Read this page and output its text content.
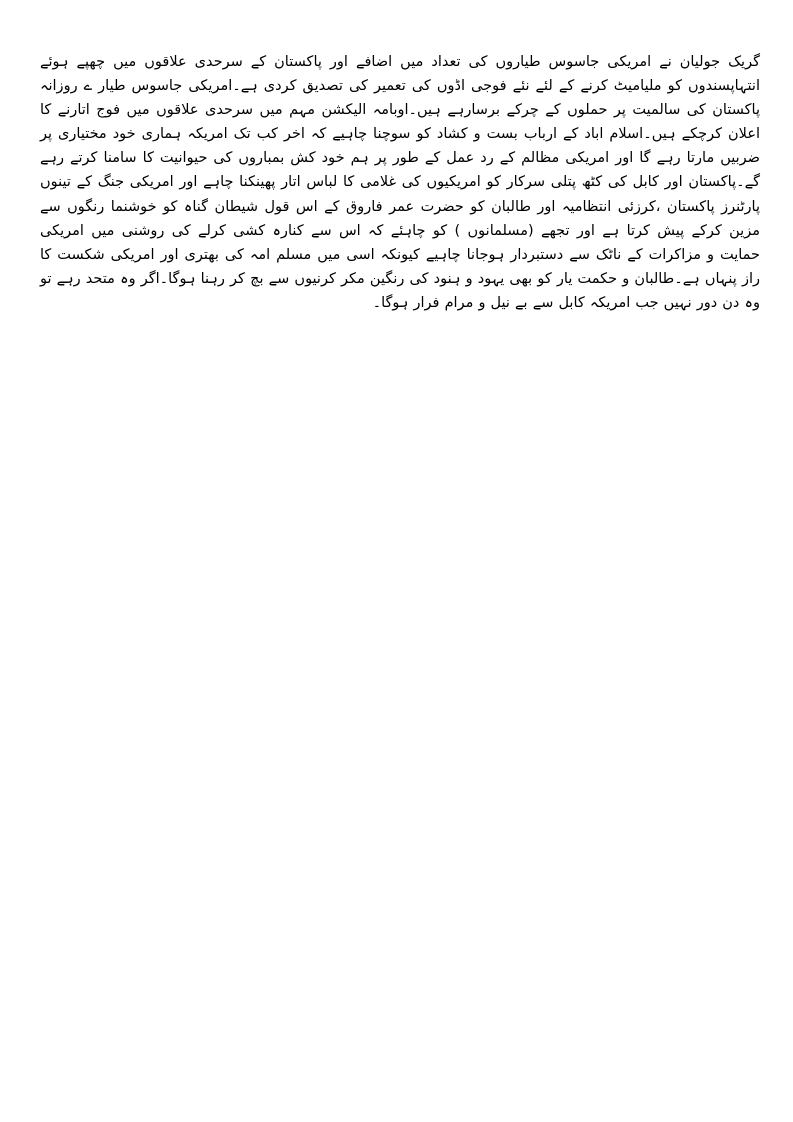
گریک جولیان نے امریکی جاسوس طیاروں کی تعداد میں اضافے اور پاکستان کے سرحدی علاقوں میں چھپے ہوئے انتہاپسندوں کو ملیامیٹ کرنے کے لئے نئے فوجی اڈوں کی تعمیر کی تصدیق کردی ہے۔امریکی جاسوس طیار ے روزانہ پاکستان کی سالمیت پر حملوں کے چرکے برسارہے ہیں۔اوبامہ الیکشن مہم میں سرحدی علاقوں میں فوج اتارنے کا اعلان کرچکے ہیں۔اسلام اباد کے ارباب بست و کشاد کو سوچنا چاہیے کہ اخر کب تک امریکہ ہماری خود مختیاری پر ضربیں مارتا رہے گا اور امریکی مظالم کے رد عمل کے طور پر ہم خود کش بمباروں کی حیوانیت کا سامنا کرتے رہے گے۔پاکستان اور کابل کی کٹھ پتلی سرکار کو امریکیوں کی غلامی کا لباس اتار پھینکنا چاہے اور امریکی جنگ کے تینوں پارٹنرز پاکستان ،کرزئی انتظامیہ اور طالبان کو حضرت عمر فاروق کے اس قول شیطان گناہ کو خوشنما رنگوں سے مزین کرکے پیش کرتا ہے اور تجھے (مسلمانوں ) کو چاہئے کہ اس سے کنارہ کشی کرلے کی روشنی میں امریکی حمایت و مزاکرات کے ناٹک سے دستبردار ہوجانا چاہیے کیونکہ اسی میں مسلم امہ کی بھتری اور امریکی شکست کا راز پنہاں ہے۔طالبان و حکمت یار کو بھی یہود و ہنود کی رنگین مکر کرنیوں سے بچ کر رہنا ہوگا۔اگر وہ متحد رہے تو وہ دن دور نہیں جب امریکہ کابل سے بے نیل و مرام فرار ہوگا۔
